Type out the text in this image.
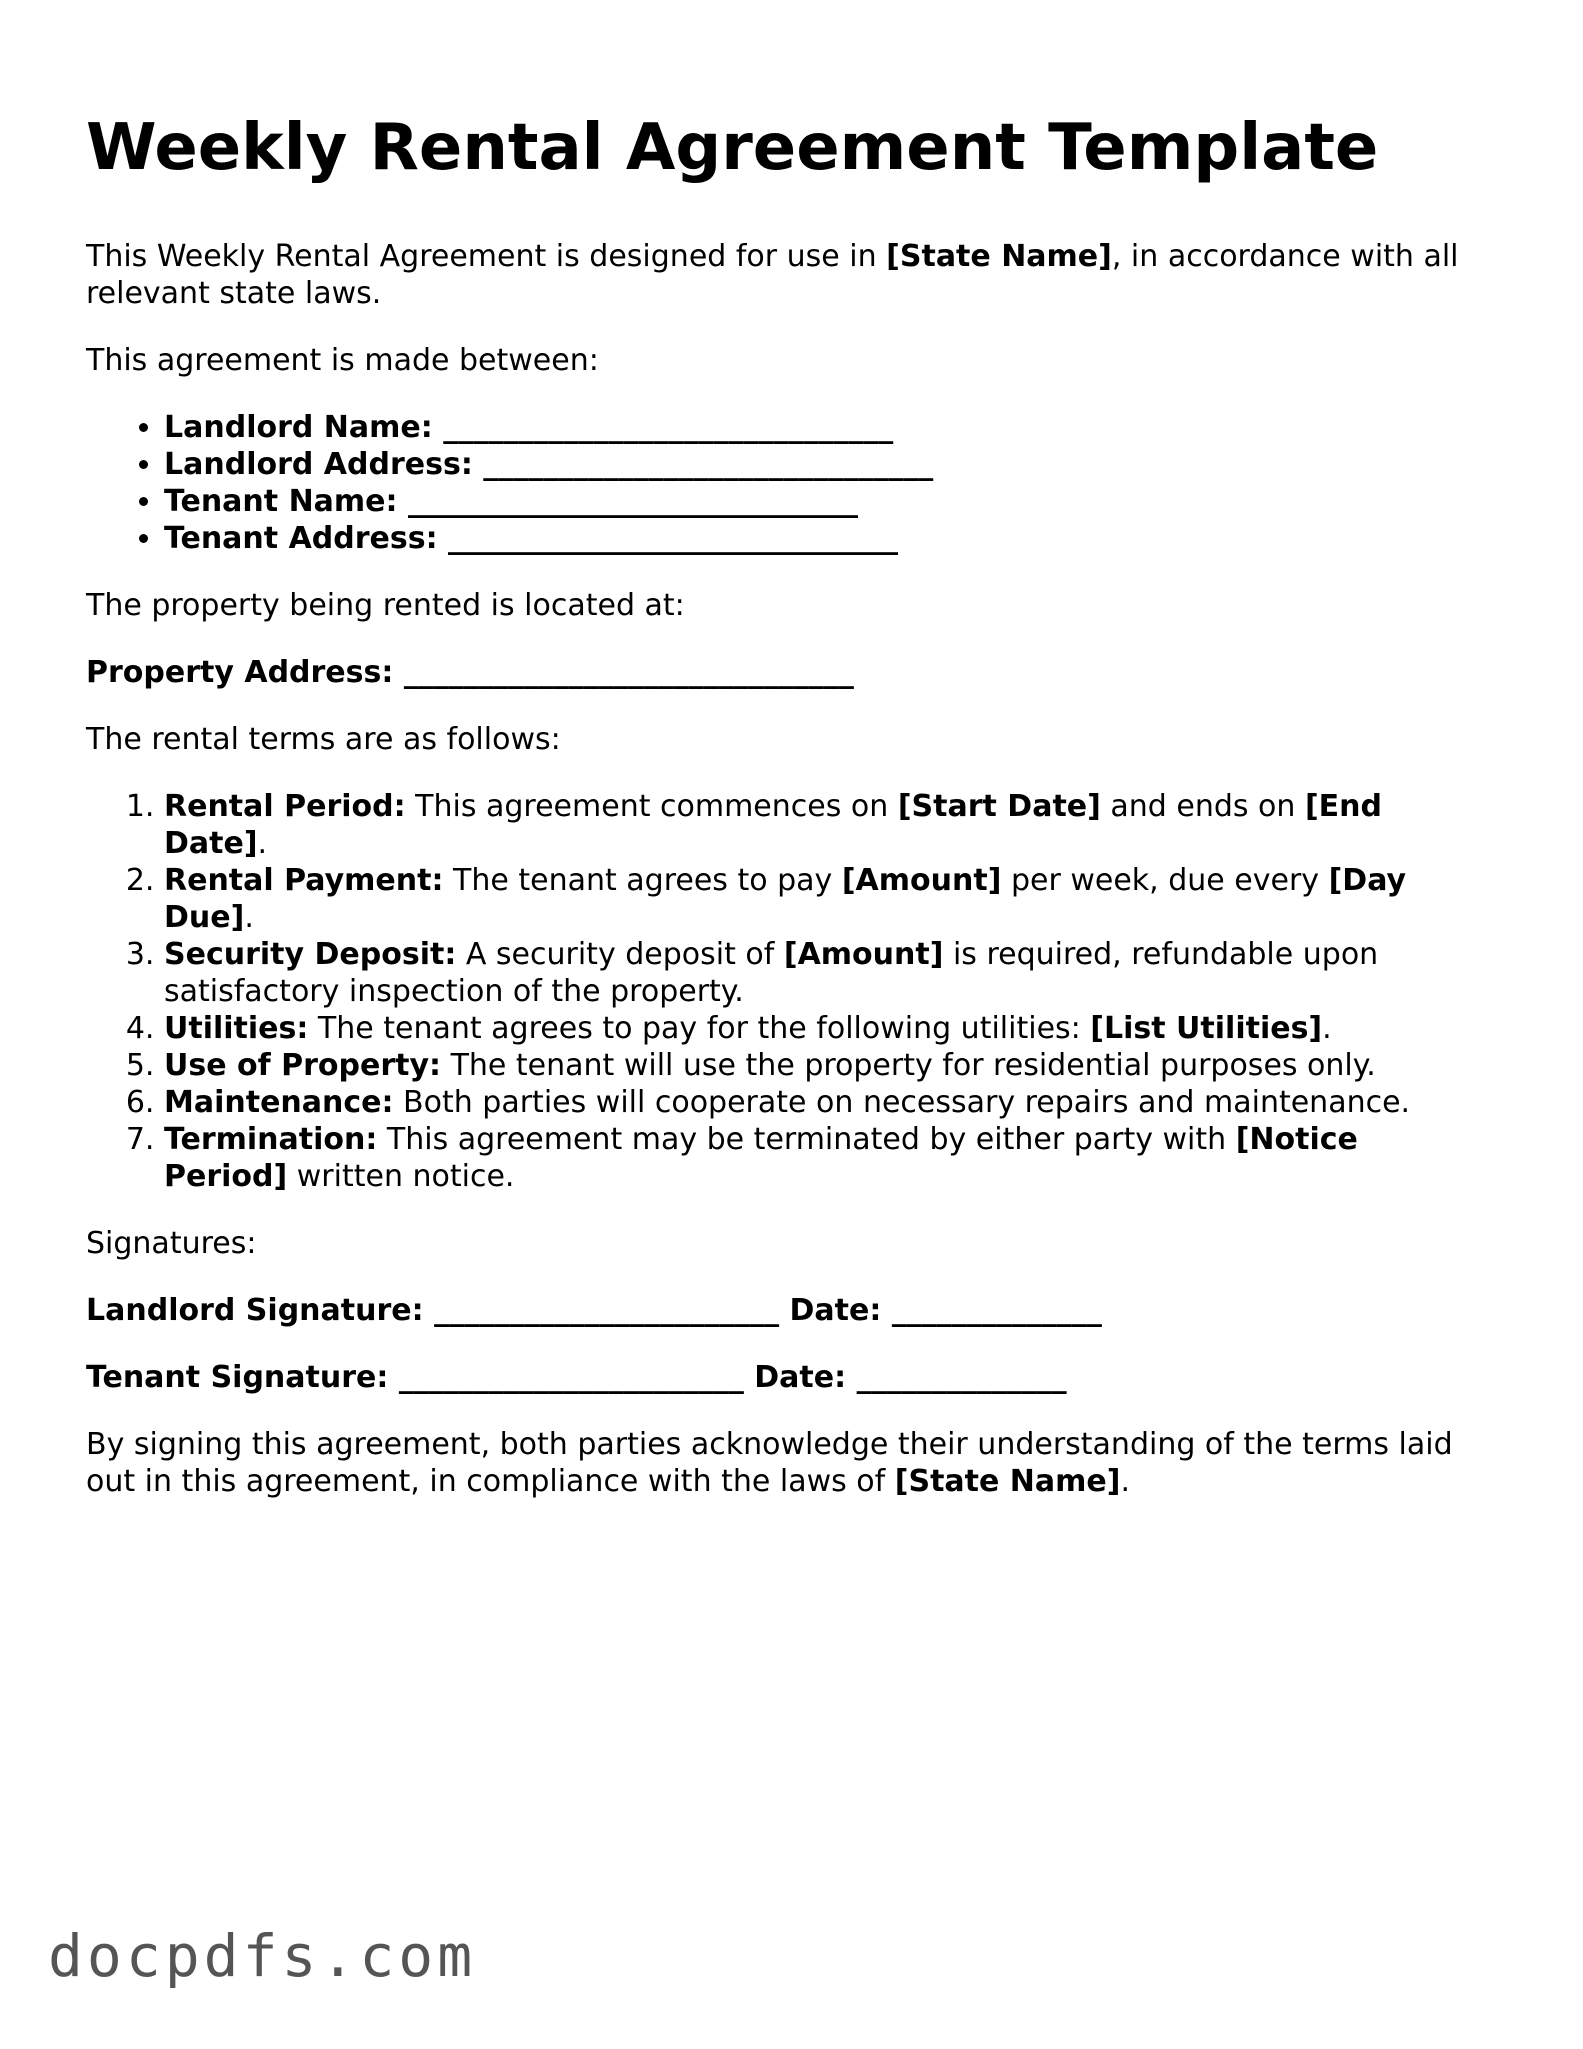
Weekly Rental Agreement Template

This Weekly Rental Agreement is designed for use in [State Name], in accordance with all relevant state laws.

This agreement is made between:

• Landlord Name: ______________________________
• Landlord Address: ______________________________
• Tenant Name: ______________________________
• Tenant Address: ______________________________

The property being rented is located at:

Property Address: ______________________________

The rental terms are as follows:

1. Rental Period: This agreement commences on [Start Date] and ends on [End Date].
2. Rental Payment: The tenant agrees to pay [Amount] per week, due every [Day Due].
3. Security Deposit: A security deposit of [Amount] is required, refundable upon satisfactory inspection of the property.
4. Utilities: The tenant agrees to pay for the following utilities: [List Utilities].
5. Use of Property: The tenant will use the property for residential purposes only.
6. Maintenance: Both parties will cooperate on necessary repairs and maintenance.
7. Termination: This agreement may be terminated by either party with [Notice Period] written notice.

Signatures:

Landlord Signature: _______________________ Date: ______________

Tenant Signature: _______________________ Date: ______________

By signing this agreement, both parties acknowledge their understanding of the terms laid out in this agreement, in compliance with the laws of [State Name].

docpdfs.com
